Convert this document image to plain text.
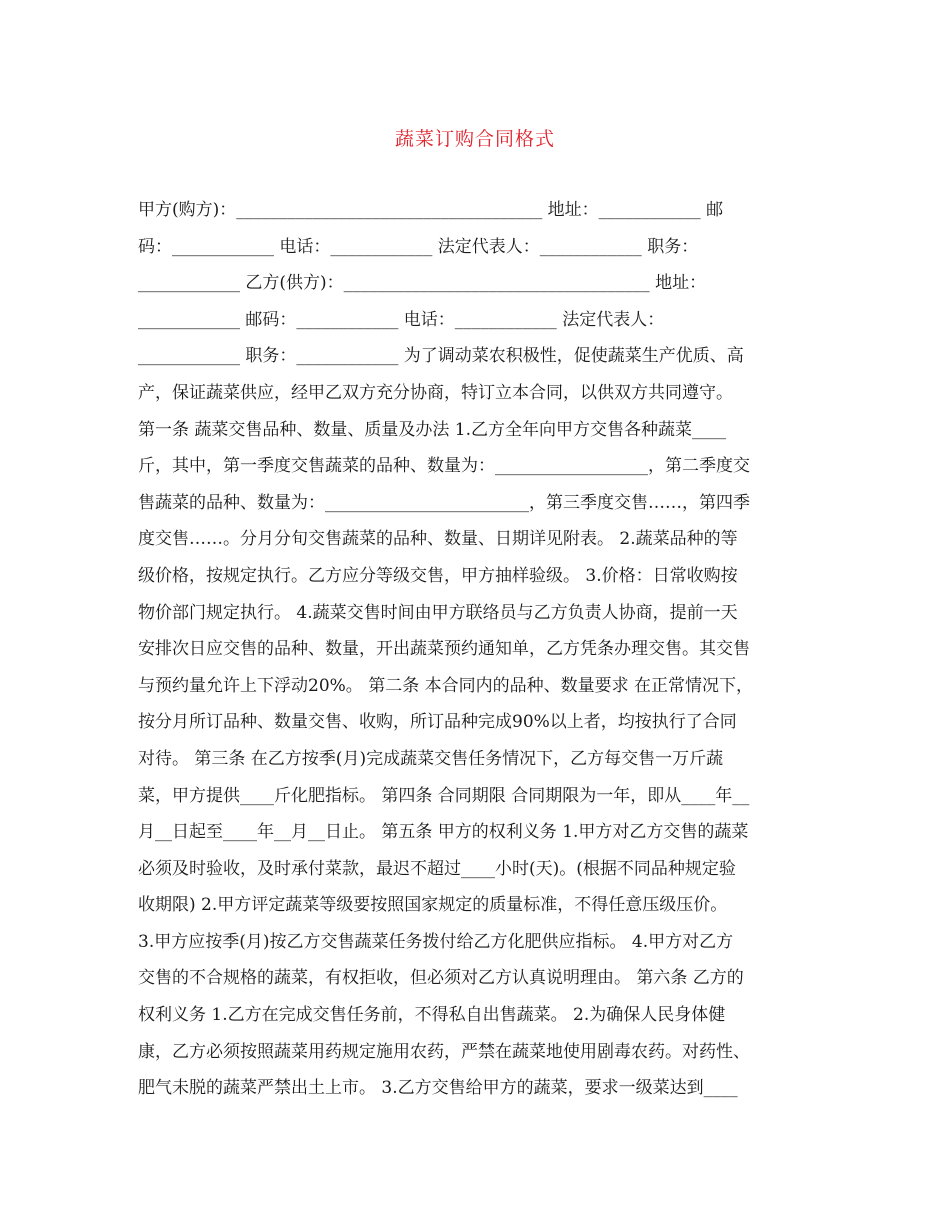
蔬菜订购合同格式
甲方(购方)：____________________________________ 地址：____________ 邮
码：____________ 电话：____________ 法定代表人：____________ 职务：
____________ 乙方(供方)：____________________________________ 地址：
____________ 邮码：____________ 电话：____________ 法定代表人：
____________ 职务：____________ 为了调动菜农积极性，促使蔬菜生产优质、高
产，保证蔬菜供应，经甲乙双方充分协商，特订立本合同，以供双方共同遵守。
第一条 蔬菜交售品种、数量、质量及办法 1.乙方全年向甲方交售各种蔬菜____
斤，其中，第一季度交售蔬菜的品种、数量为：__________________，第二季度交
售蔬菜的品种、数量为：________________________，第三季度交售……，第四季
度交售……。分月分旬交售蔬菜的品种、数量、日期详见附表。 2.蔬菜品种的等
级价格，按规定执行。乙方应分等级交售，甲方抽样验级。 3.价格：日常收购按
物价部门规定执行。 4.蔬菜交售时间由甲方联络员与乙方负责人协商，提前一天
安排次日应交售的品种、数量，开出蔬菜预约通知单，乙方凭条办理交售。其交售
与预约量允许上下浮动20%。 第二条 本合同内的品种、数量要求 在正常情况下，
按分月所订品种、数量交售、收购，所订品种完成90%以上者，均按执行了合同
对待。 第三条 在乙方按季(月)完成蔬菜交售任务情况下，乙方每交售一万斤蔬
菜，甲方提供____斤化肥指标。 第四条 合同期限 合同期限为一年，即从____年__
月__日起至____年__月__日止。 第五条 甲方的权利义务 1.甲方对乙方交售的蔬菜
必须及时验收，及时承付菜款，最迟不超过____小时(天)。(根据不同品种规定验
收期限) 2.甲方评定蔬菜等级要按照国家规定的质量标准，不得任意压级压价。
3.甲方应按季(月)按乙方交售蔬菜任务拨付给乙方化肥供应指标。 4.甲方对乙方
交售的不合规格的蔬菜，有权拒收，但必须对乙方认真说明理由。 第六条 乙方的
权利义务 1.乙方在完成交售任务前，不得私自出售蔬菜。 2.为确保人民身体健
康，乙方必须按照蔬菜用药规定施用农药，严禁在蔬菜地使用剧毒农药。对药性、
肥气未脱的蔬菜严禁出土上市。 3.乙方交售给甲方的蔬菜，要求一级菜达到____
